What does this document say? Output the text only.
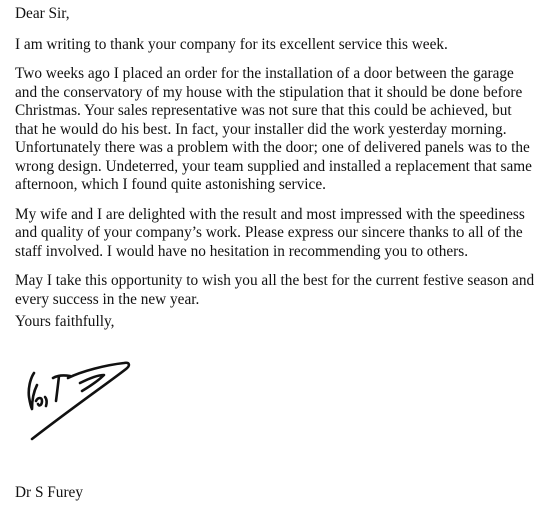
Dear Sir,

I am writing to thank your company for its excellent service this week.

Two weeks ago I placed an order for the installation of a door between the garage and the conservatory of my house with the stipulation that it should be done before Christmas. Your sales representative was not sure that this could be achieved, but that he would do his best. In fact, your installer did the work yesterday morning. Unfortunately there was a problem with the door; one of delivered panels was to the wrong design. Undeterred, your team supplied and installed a replacement that same afternoon, which I found quite astonishing service.

My wife and I are delighted with the result and most impressed with the speediness and quality of your company’s work. Please express our sincere thanks to all of the staff involved. I would have no hesitation in recommending you to others.

May I take this opportunity to wish you all the best for the current festive season and every success in the new year.

Yours faithfully,

Dr S Furey
